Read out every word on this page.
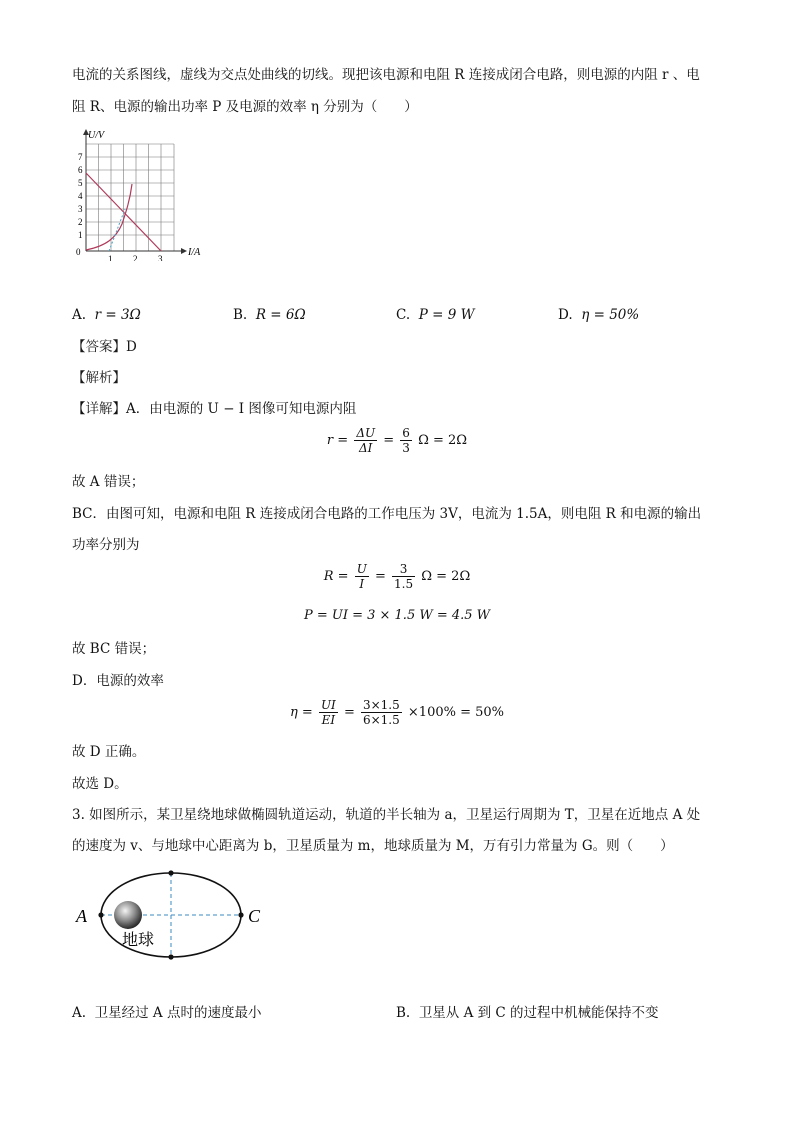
电流的关系图线，虚线为交点处曲线的切线。现把该电源和电阻 R 连接成闭合电路，则电源的内阻 r 、电
阻 R、电源的输出功率 P 及电源的效率 η 分别为（　　）
U/V
I/A
0
1
2
3
4
5
6
7
1 2 3
A. r = 3Ω	B. R = 6Ω	C. P = 9 W	D. η = 50%
【答案】D
【解析】
【详解】A．由电源的 U − I 图像可知电源内阻
$r = \frac{\Delta U}{\Delta I} = \frac{6}{3}$ Ω = 2Ω
故 A 错误；
BC．由图可知，电源和电阻 R 连接成闭合电路的工作电压为 3V，电流为 1.5A，则电阻 R 和电源的输出
功率分别为
$R = \frac{U}{I} = \frac{3}{1.5}$ Ω = 2Ω
P = UI = 3 × 1.5 W = 4.5 W
故 BC 错误；
D．电源的效率
$\eta = \frac{UI}{EI} = \frac{3\times 1.5}{6\times 1.5} \times 100\% = 50\%$
故 D 正确。
故选 D。
3. 如图所示，某卫星绕地球做椭圆轨道运动，轨道的半长轴为 a，卫星运行周期为 T，卫星在近地点 A 处
的速度为 v、与地球中心距离为 b，卫星质量为 m，地球质量为 M，万有引力常量为 G。则（　　）
A	C
地球
A. 卫星经过 A 点时的速度最小	B. 卫星从 A 到 C 的过程中机械能保持不变
